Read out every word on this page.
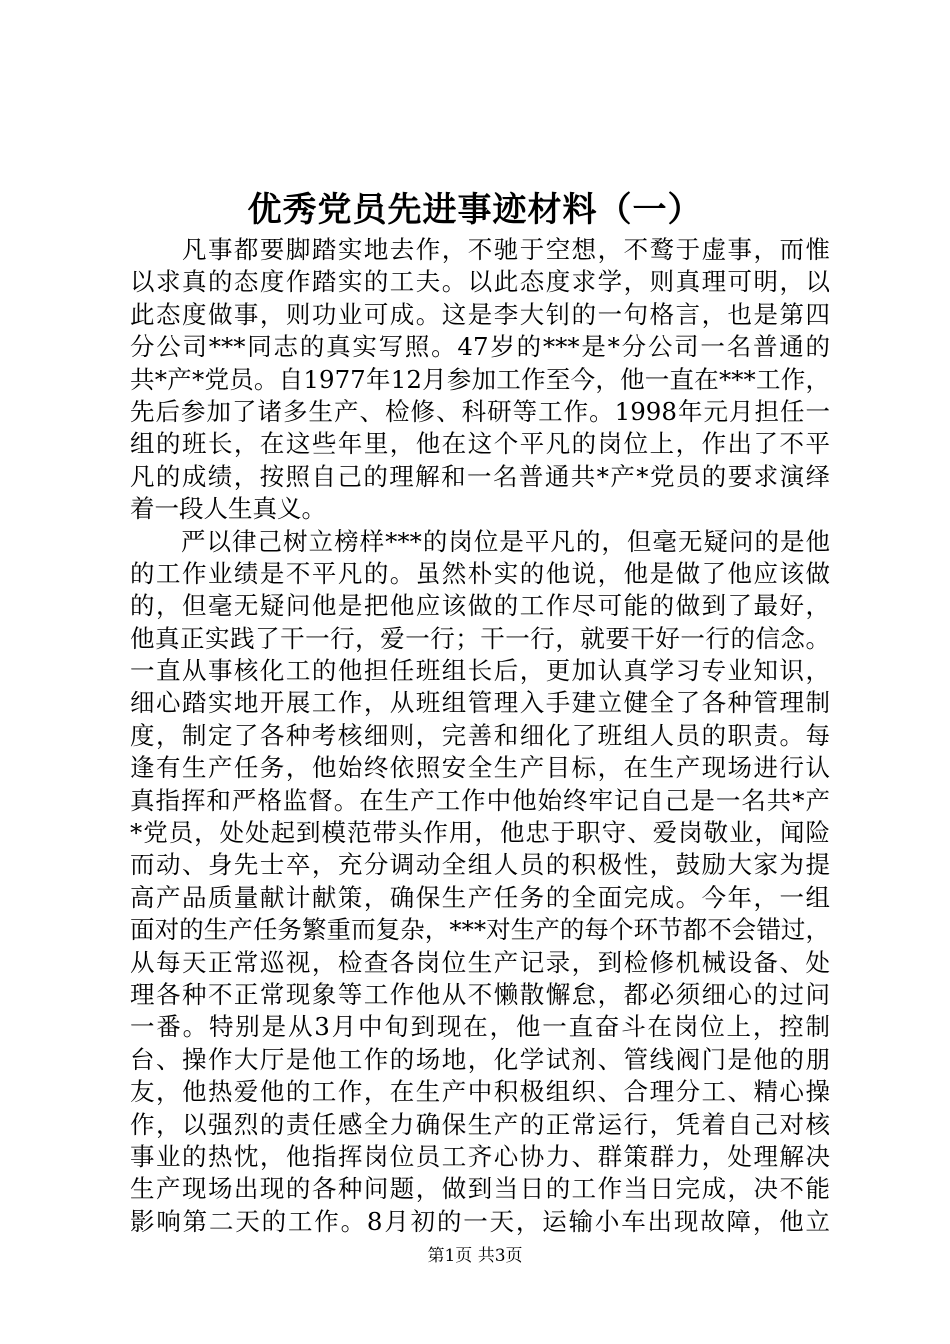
优秀党员先进事迹材料（一）
　　凡事都要脚踏实地去作，不驰于空想，不鹜于虚事，而惟
以求真的态度作踏实的工夫。以此态度求学，则真理可明，以
此态度做事，则功业可成。这是李大钊的一句格言，也是第四
分公司***同志的真实写照。47岁的***是*分公司一名普通的
共*产*党员。自1977年12月参加工作至今，他一直在***工作，
先后参加了诸多生产、检修、科研等工作。1998年元月担任一
组的班长，在这些年里，他在这个平凡的岗位上，作出了不平
凡的成绩，按照自己的理解和一名普通共*产*党员的要求演绎
着一段人生真义。
　　严以律己树立榜样***的岗位是平凡的，但毫无疑问的是他
的工作业绩是不平凡的。虽然朴实的他说，他是做了他应该做
的，但毫无疑问他是把他应该做的工作尽可能的做到了最好，
他真正实践了干一行，爱一行；干一行，就要干好一行的信念。
一直从事核化工的他担任班组长后，更加认真学习专业知识，
细心踏实地开展工作，从班组管理入手建立健全了各种管理制
度，制定了各种考核细则，完善和细化了班组人员的职责。每
逢有生产任务，他始终依照安全生产目标，在生产现场进行认
真指挥和严格监督。在生产工作中他始终牢记自己是一名共*产
*党员，处处起到模范带头作用，他忠于职守、爱岗敬业，闻险
而动、身先士卒，充分调动全组人员的积极性，鼓励大家为提
高产品质量献计献策，确保生产任务的全面完成。今年，一组
面对的生产任务繁重而复杂，***对生产的每个环节都不会错过，
从每天正常巡视，检查各岗位生产记录，到检修机械设备、处
理各种不正常现象等工作他从不懒散懈怠，都必须细心的过问
一番。特别是从3月中旬到现在，他一直奋斗在岗位上，控制
台、操作大厅是他工作的场地，化学试剂、管线阀门是他的朋
友，他热爱他的工作，在生产中积极组织、合理分工、精心操
作，以强烈的责任感全力确保生产的正常运行，凭着自己对核
事业的热忱，他指挥岗位员工齐心协力、群策群力，处理解决
生产现场出现的各种问题，做到当日的工作当日完成，决不能
影响第二天的工作。8月初的一天，运输小车出现故障，他立
第1页 共3页
